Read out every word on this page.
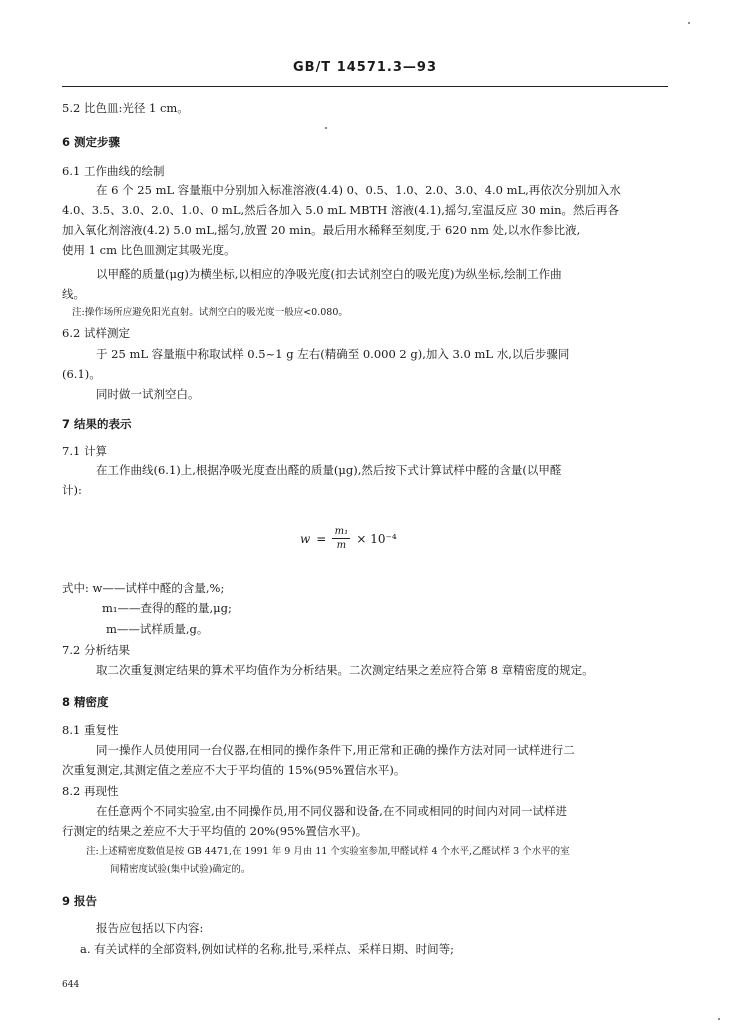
GB/T 14571.3—93
5.2 比色皿:光径 1 cm。
6 测定步骤
6.1 工作曲线的绘制
在 6 个 25 mL 容量瓶中分别加入标准溶液(4.4) 0、0.5、1.0、2.0、3.0、4.0 mL,再依次分别加入水
4.0、3.5、3.0、2.0、1.0、0 mL,然后各加入 5.0 mL MBTH 溶液(4.1),摇匀,室温反应 30 min。然后再各
加入氧化剂溶液(4.2) 5.0 mL,摇匀,放置 20 min。最后用水稀释至刻度,于 620 nm 处,以水作参比液,
使用 1 cm 比色皿测定其吸光度。
以甲醛的质量(μg)为横坐标,以相应的净吸光度(扣去试剂空白的吸光度)为纵坐标,绘制工作曲
线。
注:操作场所应避免阳光直射。试剂空白的吸光度一般应<0.080。
6.2 试样测定
于 25 mL 容量瓶中称取试样 0.5~1 g 左右(精确至 0.000 2 g),加入 3.0 mL 水,以后步骤同
(6.1)。
同时做一试剂空白。
7 结果的表示
7.1 计算
在工作曲线(6.1)上,根据净吸光度查出醛的质量(μg),然后按下式计算试样中醛的含量(以甲醛
计):
式中: w——试样中醛的含量,%;
m₁——查得的醛的量,μg;
m——试样质量,g。
7.2 分析结果
取二次重复测定结果的算术平均值作为分析结果。二次测定结果之差应符合第 8 章精密度的规定。
8 精密度
8.1 重复性
同一操作人员使用同一台仪器,在相同的操作条件下,用正常和正确的操作方法对同一试样进行二
次重复测定,其测定值之差应不大于平均值的 15%(95%置信水平)。
8.2 再现性
在任意两个不同实验室,由不同操作员,用不同仪器和设备,在不同或相同的时间内对同一试样进
行测定的结果之差应不大于平均值的 20%(95%置信水平)。
注:上述精密度数值是按 GB 4471,在 1991 年 9 月由 11 个实验室参加,甲醛试样 4 个水平,乙醛试样 3 个水平的室
间精密度试验(集中试验)确定的。
9 报告
报告应包括以下内容:
a. 有关试样的全部资料,例如试样的名称,批号,采样点、采样日期、时间等;
$w = \frac{\text{m₁}}{m} \times 10^{-4}$
644
